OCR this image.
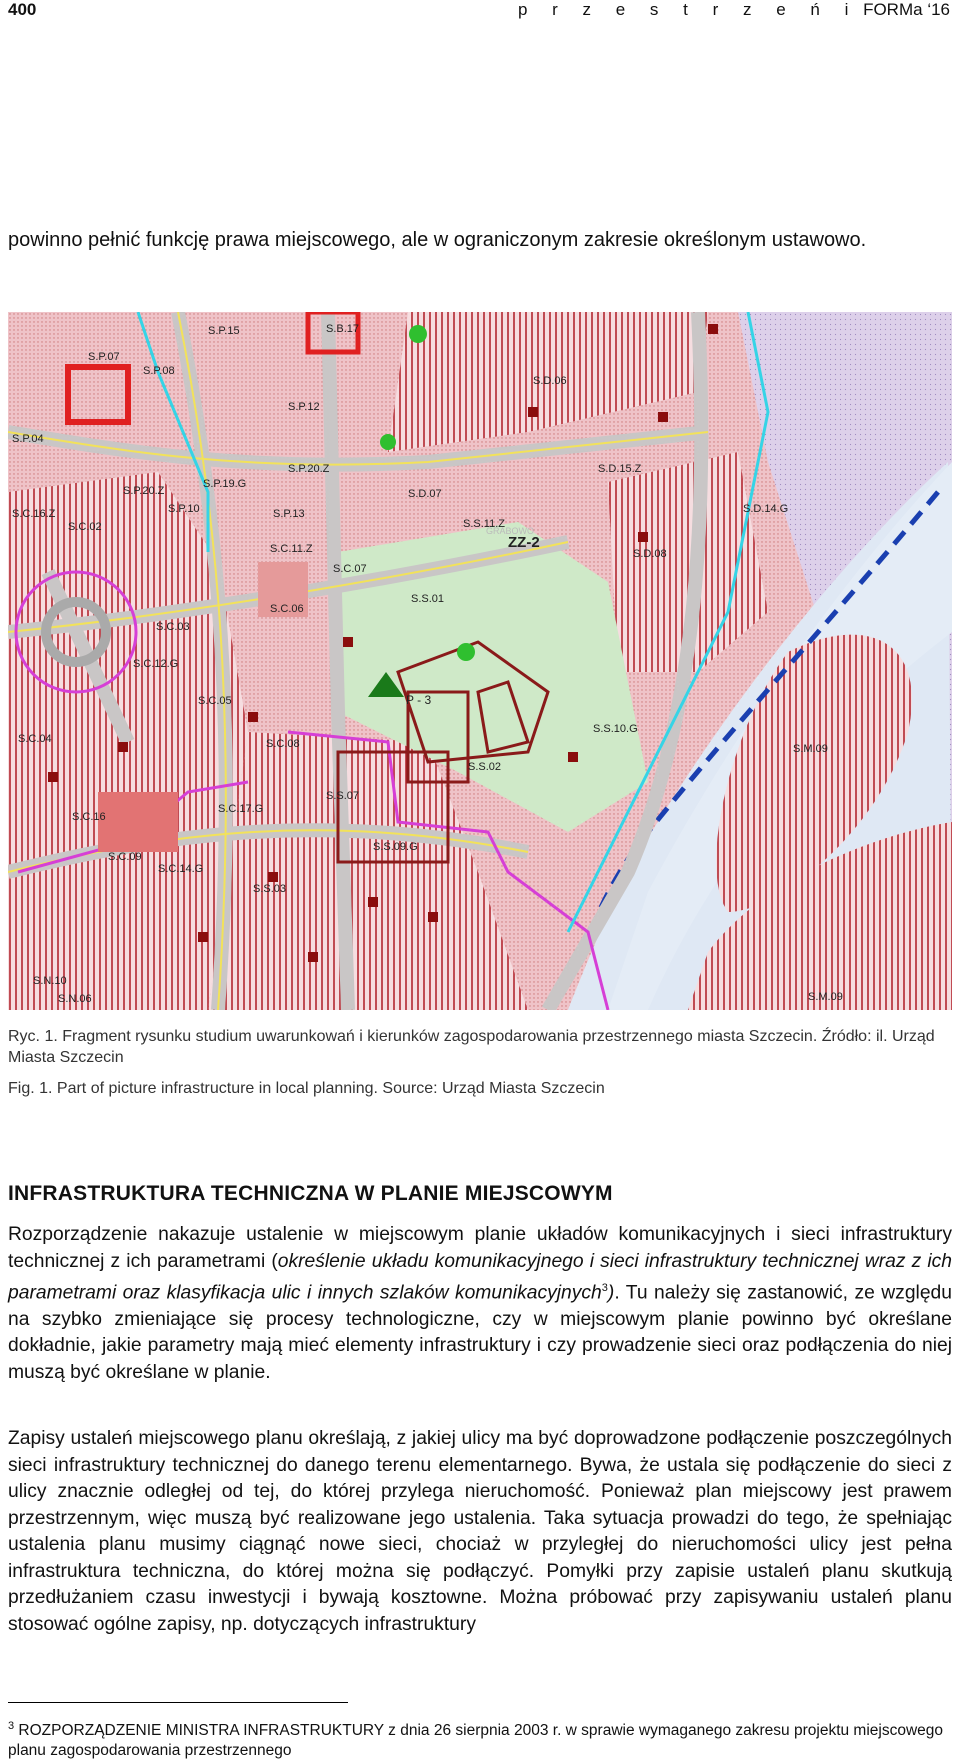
400	p r z e s t r z e ń i FORMa ‘16
powinno pełnić funkcję prawa miejscowego, ale w ograniczonym zakresie określonym ustawowo.
S.P.15	S.B.17
S.P.07
S.P.08
S.P.12
S.P.04
S.P.20.Z
S.D.07
S.D.06
S.D.15.Z
S.P.20.Z
S.P.19.G
S.C.16.Z	S.P.10	S.P.13
S.C.02	S.S.11.Z
ZZ-2
S.D.08
S.C.11.Z
S.C.07
S.C.06
S.S.01
S.C.03
S.C.12.G
S.C.05	P - 3
S.C.04	S.C.08
S.S.02
S.S.10.G
S.M.09
S.C.17.G
S.S.07
S.C.16
S.S.09.G
S.C.09
S.S.03
S.N.10
S.N.06	S.M.09
GRABOWO
S.C.14.G
S.D.14.G
Ryc. 1. Fragment rysunku studium uwarunkowań i kierunków zagospodarowania przestrzennego miasta Szczecin. Źródło: il. Urząd Miasta Szczecin
Fig. 1. Part of picture infrastructure in local planning. Source: Urząd Miasta Szczecin
INFRASTRUKTURA TECHNICZNA W PLANIE MIEJSCOWYM
Rozporządzenie nakazuje ustalenie w miejscowym planie układów komunikacyjnych i sieci infrastruktury technicznej z ich parametrami (określenie układu komunikacyjnego i sieci infrastruktury technicznej wraz z ich parametrami oraz klasyfikacja ulic i innych szlaków komunikacyjnych$^3$). Tu należy się zastanowić, ze względu na szybko zmieniające się procesy technologiczne, czy w miejscowym planie powinno być określane dokładnie, jakie parametry mają mieć elementy infrastruktury i czy prowadzenie sieci oraz podłączenia do niej muszą być określane w planie.
Zapisy ustaleń miejscowego planu określają, z jakiej ulicy ma być doprowadzone podłączenie poszczególnych sieci infrastruktury technicznej do danego terenu elementarnego. Bywa, że ustala się podłączenie do sieci z ulicy znacznie odległej od tej, do której przylega nieruchomość. Ponieważ plan miejscowy jest prawem przestrzennym, więc muszą być realizowane jego ustalenia. Taka sytuacja prowadzi do tego, że spełniając ustalenia planu musimy ciągnąć nowe sieci, chociaż w przyległej do nieruchomości ulicy jest pełna infrastruktura techniczna, do której można się podłączyć. Pomyłki przy zapisie ustaleń planu skutkują przedłużaniem czasu inwestycji i bywają kosztowne. Można próbować przy zapisywaniu ustaleń planu stosować ogólne zapisy, np. dotyczących infrastruktury
$^3$ ROZPORZĄDZENIE MINISTRA INFRASTRUKTURY z dnia 26 sierpnia 2003 r. w sprawie wymaganego zakresu projektu miejscowego planu zagospodarowania przestrzennego
